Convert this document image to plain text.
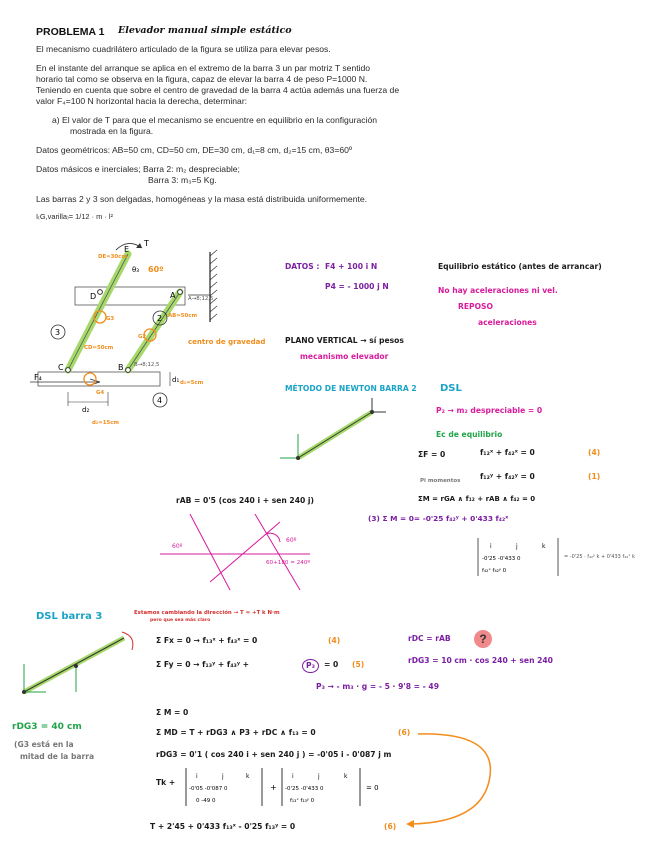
PROBLEMA 1 Elevador manual simple estático
El mecanismo cuadrilátero articulado de la figura se utiliza para elevar pesos.
En el instante del arranque se aplica en el extremo de la barra 3 un par motriz T sentido
horario tal como se observa en la figura, capaz de elevar la barra 4 de peso P=1000 N.
Teniendo en cuenta que sobre el centro de gravedad de la barra 4 actúa además una fuerza de
valor F₄=100 N horizontal hacia la derecha, determinar:
a) El valor de T para que el mecanismo se encuentre en equilibrio en la configuración
mostrada en la figura.
Datos geométricos: AB=50 cm, CD=50 cm, DE=30 cm, d₁=8 cm, d₂=15 cm, θ3=60º
Datos másicos e inerciales; Barra 2: m₂ despreciable;
Barra 3: m₃=5 Kg.
Las barras 2 y 3 son delgadas, homogéneas y la masa está distribuida uniformemente.
I₍G,varilla₎= 1/12 · m · l²
3
4
2
E
T
D	A
C	B
F₄
θ₃
d₁
d₂
DE=30cm
60º
AB=50cm
CD=50cm
A→8;12,5
B→8;12,5
d₁=5cm
d₂=15cm
G3
G2
G4
centro de gravedad
DATOS : F4 + 100 i N
P4 = - 1000 j N
Equilibrio estático (antes de arrancar)
No hay aceleraciones ni vel.
REPOSO
aceleraciones
PLANO VERTICAL → sí pesos
mecanismo elevador
MÉTODO DE NEWTON BARRA 2 DSL
P₂ → m₂ despreciable = 0
Ec de equilibrio
ΣF = 0	f₁₂ˣ + f₄₂ˣ = 0	(4)
f₁₂ʸ + f₄₂ʸ = 0	(1)
Pi momentos
ΣM = rGA ∧ f₁₂ + rAB ∧ f₄₂ = 0
(3) Σ M = 0= -0'25 f₄₂ʸ + 0'433 f₄₂ˣ
rAB = 0'5 (cos 240 i + sen 240 j)
60º
60º
60+180 = 240º
i	j	k
-0'25 -0'433 0
f₄₂ˣ f₄₂ʸ 0
= -0'25 · f₄₂ʸ k + 0'433 f₄₂ˣ k
DSL barra 3	Estamos cambiando la dirección → T = +T k N·m
pero que sea más claro
Σ Fx = 0 → f₁₃ˣ + f₄₃ˣ = 0	(4)
Σ Fy = 0 → f₁₃ʸ + f₄₃ʸ +	P₃	= 0 (5)
P₃ → - m₃ · g = - 5 · 9'8 = - 49
rDC = rAB	?
rDG3 = 10 cm · cos 240 + sen 240
rDG3 = 40 cm
(G3 está en la
mitad de la barra
Σ M = 0
Σ MD = T + rDG3 ∧ P3 + rDC ∧ f₁₃ = 0	(6)
rDG3 = 0'1 ( cos 240 i + sen 240 j ) = -0'05 i - 0'087 j m
Tk +
+
i	j	k
-0'05 -0'087 0
0 -49 0
i	j	k
-0'25 -0'433 0
f₁₃ˣ f₁₃ʸ 0
= 0
T + 2'45 + 0'433 f₁₃ˣ - 0'25 f₁₃ʸ = 0	(6)
